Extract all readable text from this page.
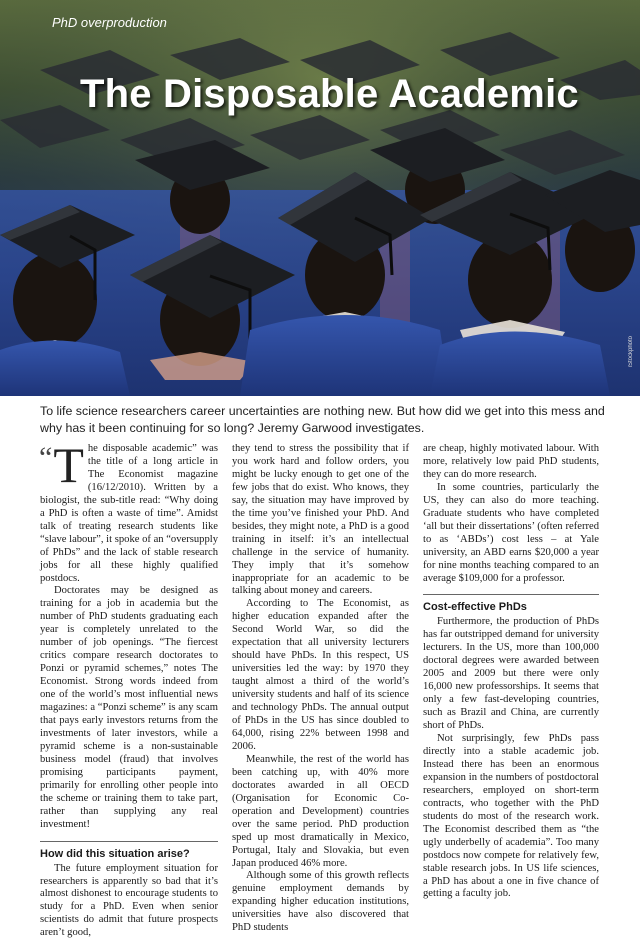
PhD overproduction
The Disposable Academic
iStockphoto
To life science researchers career uncertainties are nothing new. But how did we get into this mess and why has it been continuing for so long? Jeremy Garwood investigates.
“ T he disposable academic” was the title of a long article in The Economist magazine (16/12/2010). Written by a biologist, the sub-title read: “Why doing a PhD is often a waste of time”. Amidst talk of treating research students like “slave labour”, it spoke of an “oversupply of PhDs” and the lack of stable research jobs for all these highly qualified postdocs.

Doctorates may be designed as training for a job in academia but the number of PhD students graduating each year is completely unrelated to the number of job openings. “The fiercest critics compare research doctorates to Ponzi or pyramid schemes,” notes The Economist. Strong words indeed from one of the world’s most influential news magazines: a “Ponzi scheme” is any scam that pays early investors returns from the investments of later investors, while a pyramid scheme is a non-sustainable business model (fraud) that involves promising participants payment, primarily for enrolling other people into the scheme or training them to take part, rather than supplying any real investment!

How did this situation arise?

The future employment situation for researchers is apparently so bad that it’s almost dishonest to encourage students to study for a PhD. Even when senior scientists do admit that future prospects aren’t good,

they tend to stress the possibility that if you work hard and follow orders, you might be lucky enough to get one of the few jobs that do exist. Who knows, they say, the situation may have improved by the time you’ve finished your PhD. And besides, they might note, a PhD is a good training in itself: it’s an intellectual challenge in the service of humanity. They imply that it’s somehow inappropriate for an academic to be talking about money and careers.

According to The Economist, as higher education expanded after the Second World War, so did the expectation that all university lecturers should have PhDs. In this respect, US universities led the way: by 1970 they taught almost a third of the world’s university students and half of its science and technology PhDs. The annual output of PhDs in the US has since doubled to 64,000, rising 22% between 1998 and 2006.

Meanwhile, the rest of the world has been catching up, with 40% more doctorates awarded in all OECD (Organisation for Economic Co-operation and Development) countries over the same period. PhD production sped up most dramatically in Mexico, Portugal, Italy and Slovakia, but even Japan produced 46% more.

Although some of this growth reflects genuine employment demands by expanding higher education institutions, universities have also discovered that PhD students

are cheap, highly motivated labour. With more, relatively low paid PhD students, they can do more research.

In some countries, particularly the US, they can also do more teaching. Graduate students who have completed ‘all but their dissertations’ (often referred to as ‘ABDs’) cost less – at Yale university, an ABD earns $20,000 a year for nine months teaching compared to an average $109,000 for a professor.

Cost-effective PhDs

Furthermore, the production of PhDs has far outstripped demand for university lecturers. In the US, more than 100,000 doctoral degrees were awarded between 2005 and 2009 but there were only 16,000 new professorships. It seems that only a few fast-developing countries, such as Brazil and China, are currently short of PhDs.

Not surprisingly, few PhDs pass directly into a stable academic job. Instead there has been an enormous expansion in the numbers of postdoctoral researchers, employed on short-term contracts, who together with the PhD students do most of the research work. The Economist described them as “the ugly underbelly of academia”. Too many postdocs now compete for relatively few, stable research jobs. In US life sciences, a PhD has about a one in five chance of getting a faculty job.
